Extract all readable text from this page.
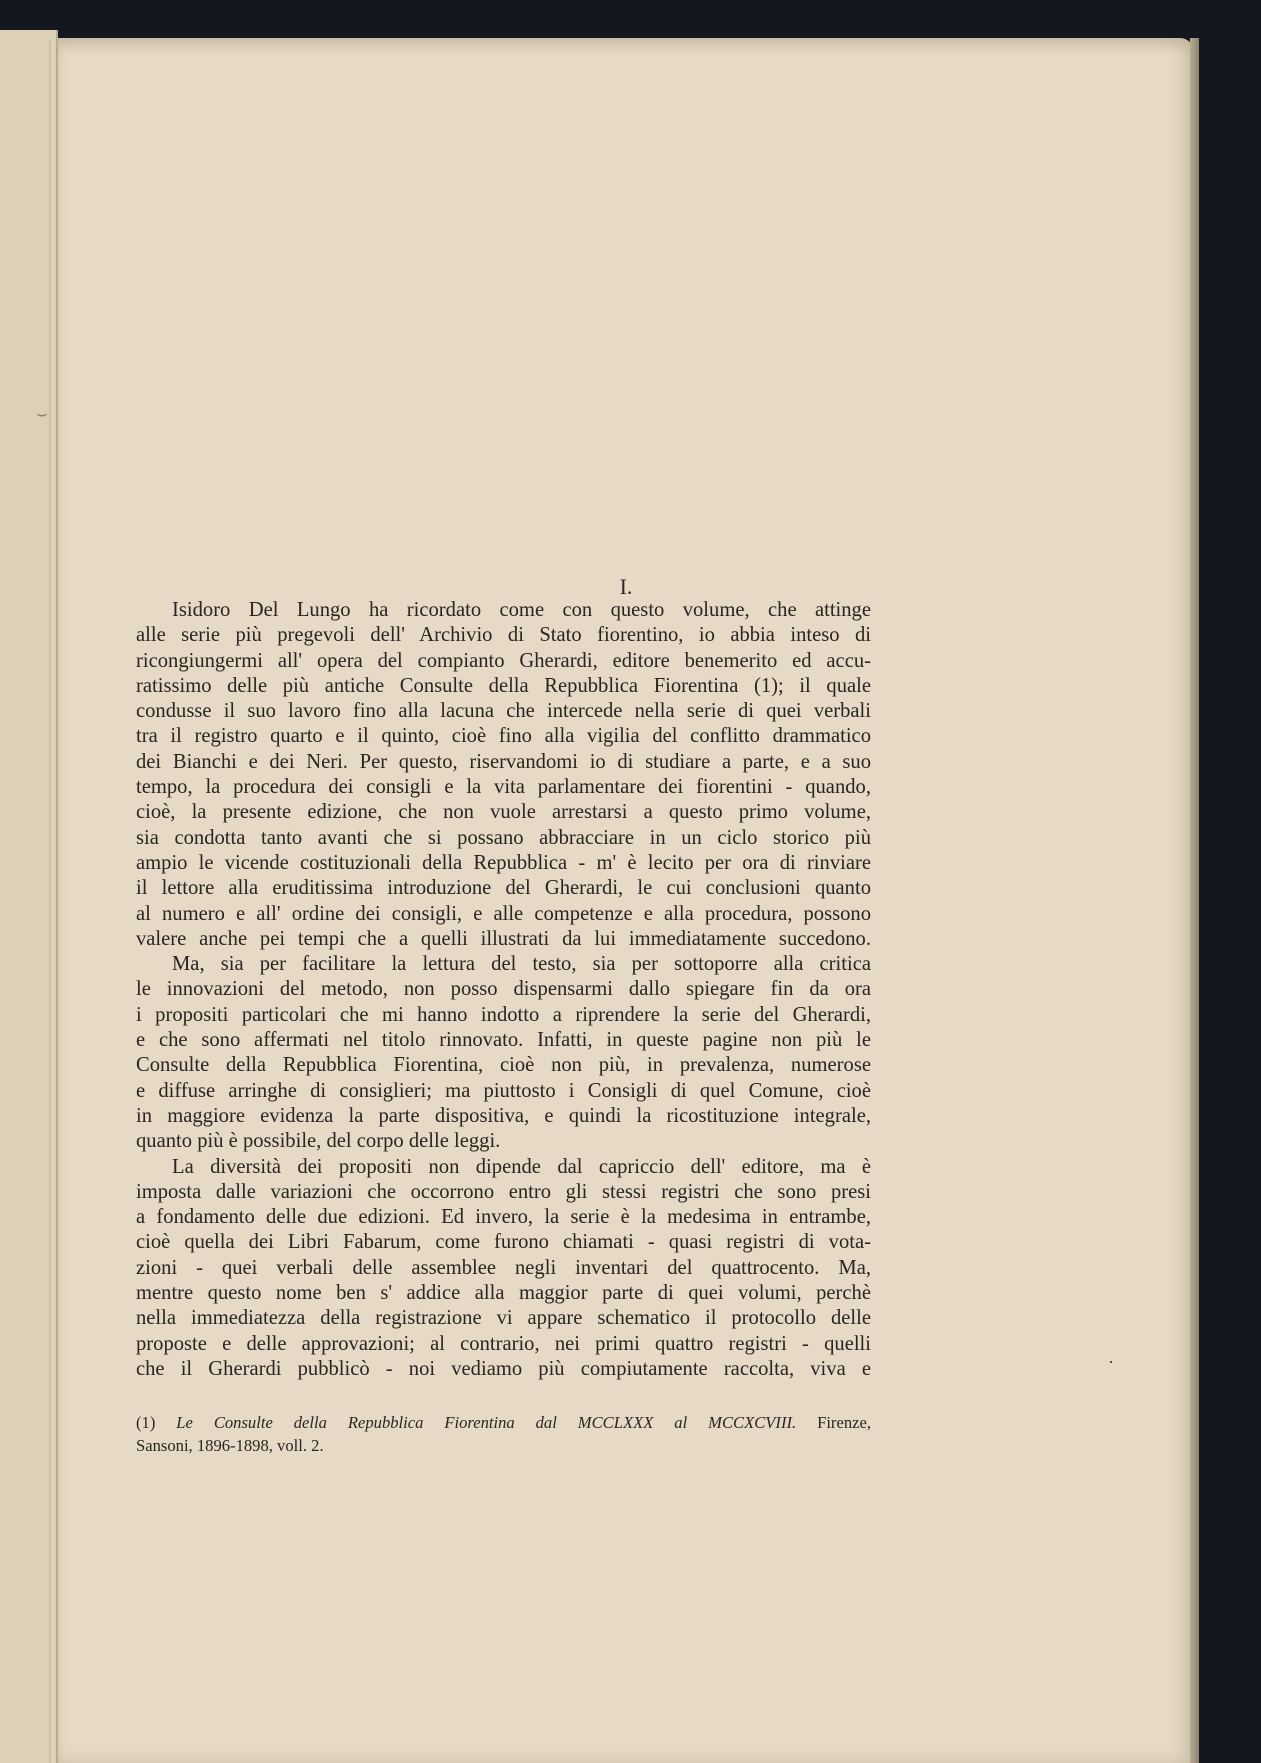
⌣
I.

Isidoro Del Lungo ha ricordato come con questo volume, che attinge

alle serie più pregevoli dell' Archivio di Stato fiorentino, io abbia inteso di

ricongiungermi all' opera del compianto Gherardi, editore benemerito ed accu-

ratissimo delle più antiche Consulte della Repubblica Fiorentina (1); il quale

condusse il suo lavoro fino alla lacuna che intercede nella serie di quei verbali

tra il registro quarto e il quinto, cioè fino alla vigilia del conflitto drammatico

dei Bianchi e dei Neri. Per questo, riservandomi io di studiare a parte, e a suo

tempo, la procedura dei consigli e la vita parlamentare dei fiorentini - quando,

cioè, la presente edizione, che non vuole arrestarsi a questo primo volume,

sia condotta tanto avanti che si possano abbracciare in un ciclo storico più

ampio le vicende costituzionali della Repubblica - m' è lecito per ora di rinviare

il lettore alla eruditissima introduzione del Gherardi, le cui conclusioni quanto

al numero e all' ordine dei consigli, e alle competenze e alla procedura, possono

valere anche pei tempi che a quelli illustrati da lui immediatamente succedono.

Ma, sia per facilitare la lettura del testo, sia per sottoporre alla critica

le innovazioni del metodo, non posso dispensarmi dallo spiegare fin da ora

i propositi particolari che mi hanno indotto a riprendere la serie del Gherardi,

e che sono affermati nel titolo rinnovato. Infatti, in queste pagine non più le

Consulte della Repubblica Fiorentina, cioè non più, in prevalenza, numerose

e diffuse arringhe di consiglieri; ma piuttosto i Consigli di quel Comune, cioè

in maggiore evidenza la parte dispositiva, e quindi la ricostituzione integrale,

quanto più è possibile, del corpo delle leggi.

La diversità dei propositi non dipende dal capriccio dell' editore, ma è

imposta dalle variazioni che occorrono entro gli stessi registri che sono presi

a fondamento delle due edizioni. Ed invero, la serie è la medesima in entrambe,

cioè quella dei Libri Fabarum, come furono chiamati - quasi registri di vota-

zioni - quei verbali delle assemblee negli inventari del quattrocento. Ma,

mentre questo nome ben s' addice alla maggior parte di quei volumi, perchè

nella immediatezza della registrazione vi appare schematico il protocollo delle

proposte e delle approvazioni; al contrario, nei primi quattro registri - quelli

che il Gherardi pubblicò - noi vediamo più compiutamente raccolta, viva e

(1) Le Consulte della Repubblica Fiorentina dal MCCLXXX al MCCXCVIII. Firenze,
Sansoni, 1896-1898, voll. 2.
·
